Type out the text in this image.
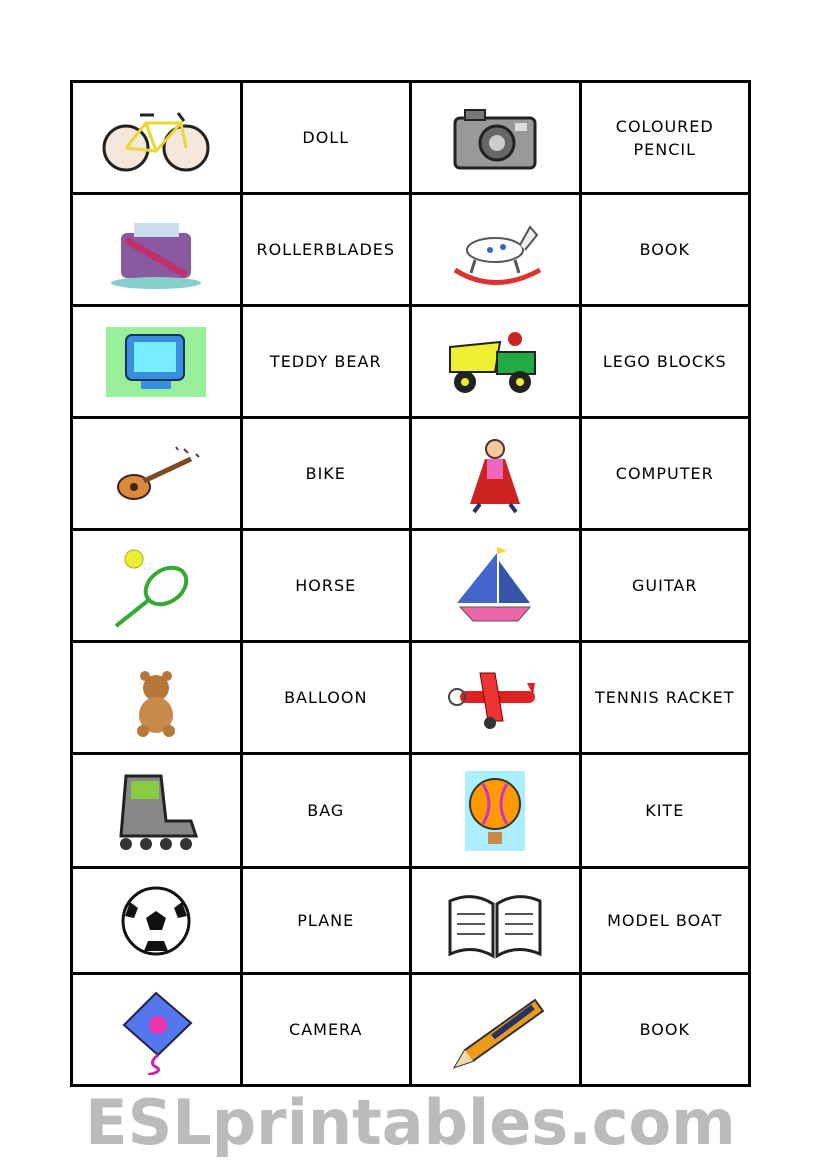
	DOLL		COLOURED
PENCIL

	ROLLERBLADES		BOOK

	TEDDY BEAR		LEGO BLOCKS

	BIKE		COMPUTER

	HORSE		GUITAR

	BALLOON		TENNIS RACKET

	BAG		KITE

	PLANE		MODEL BOAT

	CAMERA		BOOK
ESLprintables.com
